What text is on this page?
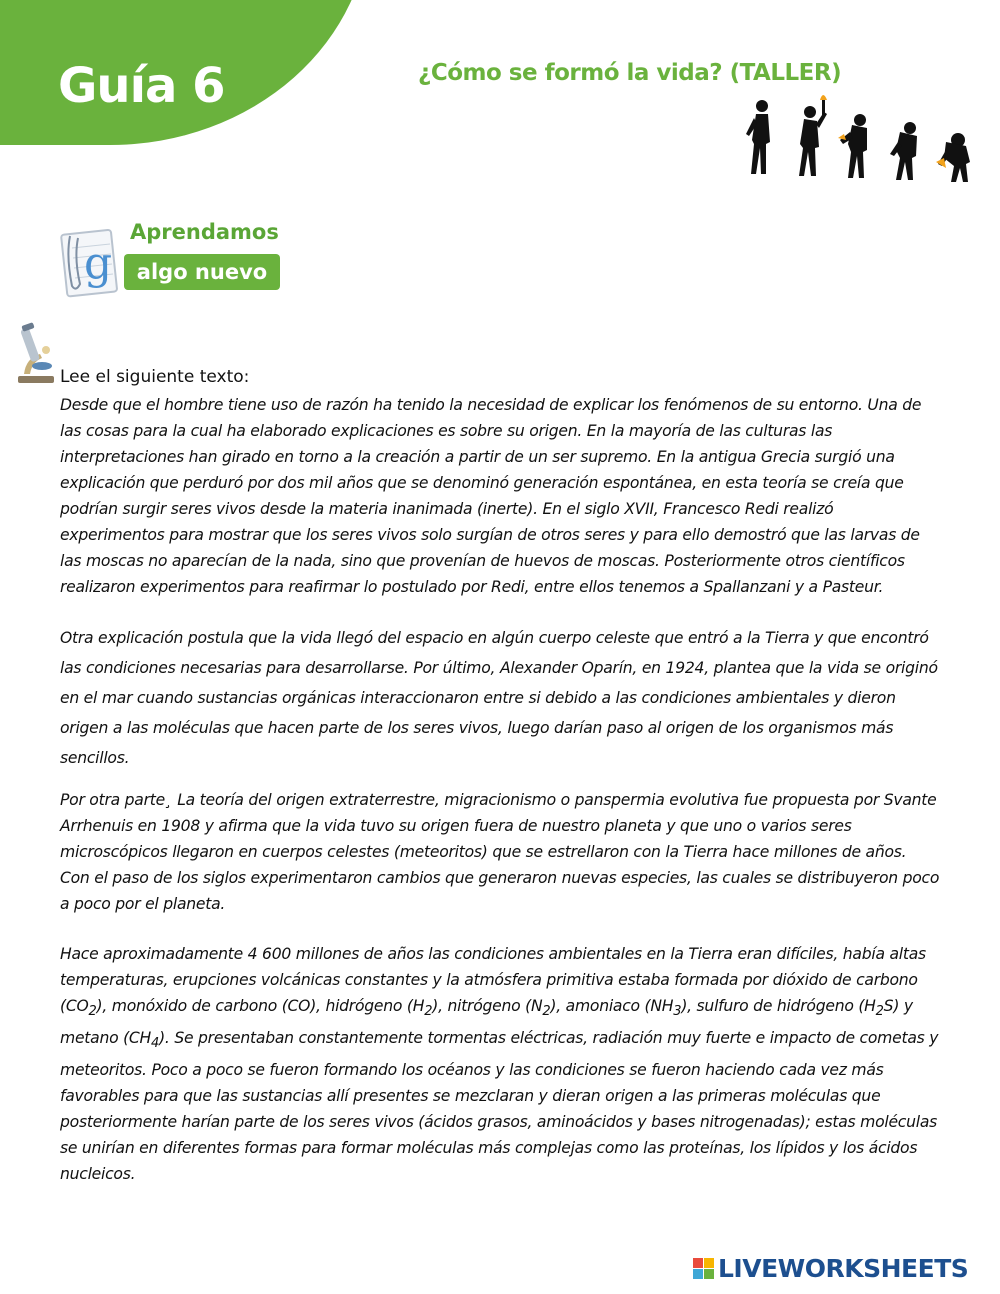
Guía 6	¿Cómo se formó la vida? (TALLER)
g
Aprendamos
algo nuevo
Lee el siguiente texto:

Desde que el hombre tiene uso de razón ha tenido la necesidad de explicar los fenómenos de su entorno. Una de las cosas para la cual ha elaborado explicaciones es sobre su origen. En la mayoría de las culturas las interpretaciones han girado en torno a la creación a partir de un ser supremo. En la antigua Grecia surgió una explicación que perduró por dos mil años que se denominó generación espontánea, en esta teoría se creía que podrían surgir seres vivos desde la materia inanimada (inerte). En el siglo XVII, Francesco Redi realizó experimentos para mostrar que los seres vivos solo surgían de otros seres y para ello demostró que las larvas de las moscas no aparecían de la nada, sino que provenían de huevos de moscas. Posteriormente otros científicos realizaron experimentos para reafirmar lo postulado por Redi, entre ellos tenemos a Spallanzani y a Pasteur.

Otra explicación postula que la vida llegó del espacio en algún cuerpo celeste que entró a la Tierra y que encontró las condiciones necesarias para desarrollarse. Por último, Alexander Oparín, en 1924, plantea que la vida se originó en el mar cuando sustancias orgánicas interaccionaron entre si debido a las condiciones ambientales y dieron origen a las moléculas que hacen parte de los seres vivos, luego darían paso al origen de los organismos más sencillos.

Por otra parte¸ La teoría del origen extraterrestre, migracionismo o panspermia evolutiva fue propuesta por Svante Arrhenuis en 1908 y afirma que la vida tuvo su origen fuera de nuestro planeta y que uno o varios seres microscópicos llegaron en cuerpos celestes (meteoritos) que se estrellaron con la Tierra hace millones de años. Con el paso de los siglos experimentaron cambios que generaron nuevas especies, las cuales se distribuyeron poco a poco por el planeta.

Hace aproximadamente 4 600 millones de años las condiciones ambientales en la Tierra eran difíciles, había altas temperaturas, erupciones volcánicas constantes y la atmósfera primitiva estaba formada por dióxido de carbono $(CO_2)$, monóxido de carbono (CO), hidrógeno $(H_2)$, nitrógeno $(N_2)$, amoniaco $(NH_3)$, sulfuro de hidrógeno $(H_2S)$ y metano $(CH_4)$. Se presentaban constantemente tormentas eléctricas, radiación muy fuerte e impacto de cometas y meteoritos. Poco a poco se fueron formando los océanos y las condiciones se fueron haciendo cada vez más favorables para que las sustancias allí presentes se mezclaran y dieran origen a las primeras moléculas que posteriormente harían parte de los seres vivos (ácidos grasos, aminoácidos y bases nitrogenadas); estas moléculas se unirían en diferentes formas para formar moléculas más complejas como las proteínas, los lípidos y los ácidos nucleicos.

LIVEWORKSHEETS
